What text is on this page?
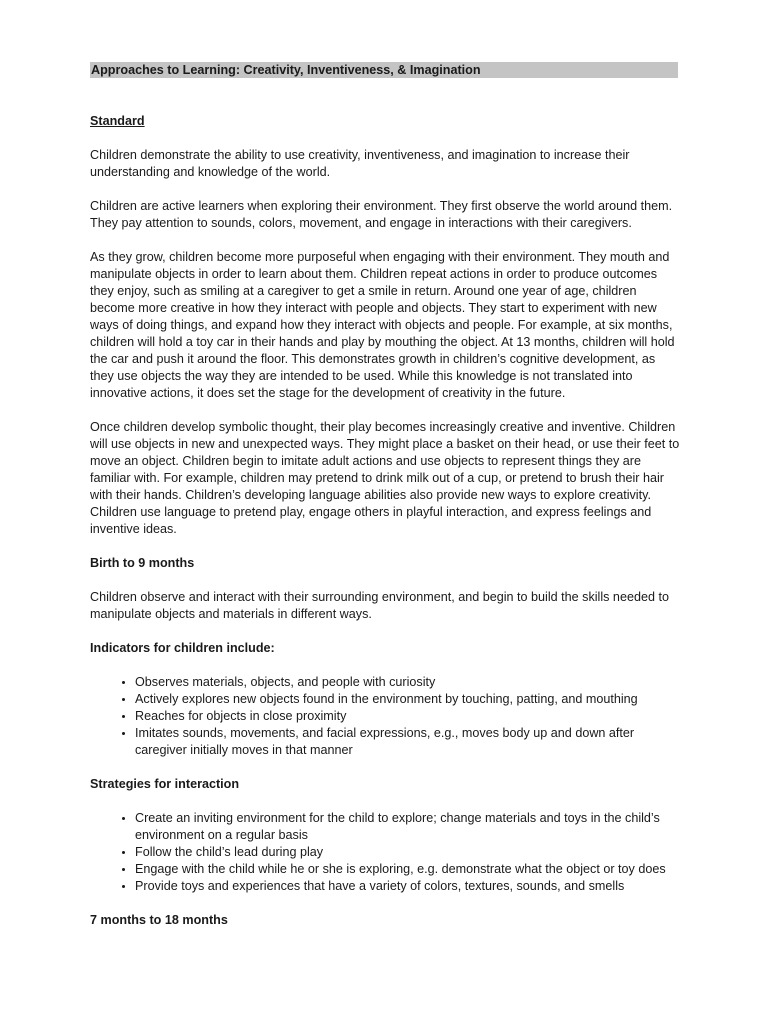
Approaches to Learning: Creativity, Inventiveness, & Imagination
Standard

Children demonstrate the ability to use creativity, inventiveness, and imagination to increase their understanding and knowledge of the world.

Children are active learners when exploring their environment. They first observe the world around them. They pay attention to sounds, colors, movement, and engage in interactions with their caregivers.

As they grow, children become more purposeful when engaging with their environment. They mouth and manipulate objects in order to learn about them. Children repeat actions in order to produce outcomes they enjoy, such as smiling at a caregiver to get a smile in return. Around one year of age, children become more creative in how they interact with people and objects. They start to experiment with new ways of doing things, and expand how they interact with objects and people. For example, at six months, children will hold a toy car in their hands and play by mouthing the object. At 13 months, children will hold the car and push it around the floor. This demonstrates growth in children’s cognitive development, as they use objects the way they are intended to be used. While this knowledge is not translated into innovative actions, it does set the stage for the development of creativity in the future.

Once children develop symbolic thought, their play becomes increasingly creative and inventive. Children will use objects in new and unexpected ways. They might place a basket on their head, or use their feet to move an object. Children begin to imitate adult actions and use objects to represent things they are familiar with. For example, children may pretend to drink milk out of a cup, or pretend to brush their hair with their hands. Children’s developing language abilities also provide new ways to explore creativity. Children use language to pretend play, engage others in playful interaction, and express feelings and inventive ideas.

Birth to 9 months

Children observe and interact with their surrounding environment, and begin to build the skills needed to manipulate objects and materials in different ways.

Indicators for children include:
• Observes materials, objects, and people with curiosity
• Actively explores new objects found in the environment by touching, patting, and mouthing
• Reaches for objects in close proximity
• Imitates sounds, movements, and facial expressions, e.g., moves body up and down after caregiver initially moves in that manner
Strategies for interaction
• Create an inviting environment for the child to explore; change materials and toys in the child’s environment on a regular basis
• Follow the child’s lead during play
• Engage with the child while he or she is exploring, e.g. demonstrate what the object or toy does
• Provide toys and experiences that have a variety of colors, textures, sounds, and smells
7 months to 18 months
